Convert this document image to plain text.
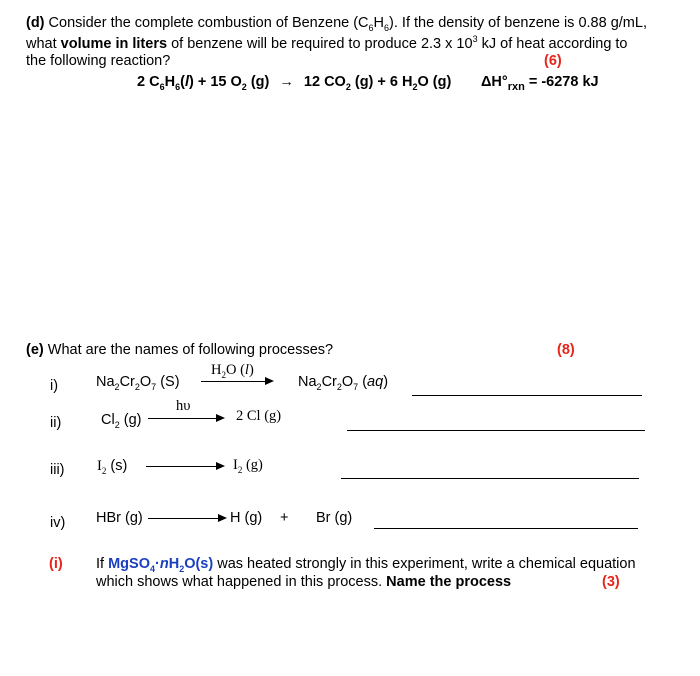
(d) Consider the complete combustion of Benzene $(C_6H_6)$. If the density of benzene is 0.88 g/mL,
what volume in liters of benzene will be required to produce 2.3 x $10^3$ kJ of heat according to
the following reaction?	(6)
2 $C_6H_6(l) + 15$ $O_2$ (g) → 12 $CO_2$ (g) + 6 $H_2O$ (g) $\Delta H^\circ_{rxn} = -6278$ kJ
(e) What are the names of following processes?	(8)
i)	$Na_2Cr_2O_7$ (S)
$H_2O$ (l)
$Na_2Cr_2O_7$ (aq)
ii)	$Cl_2$ (g)
hυ
2 Cl (g)
iii) $I_2$ (s)	$I_2$ (g)
iv) HBr (g)	H (g) + Br (g)
(i) If $MgSO_4\cdot nH_2O(s)$ was heated strongly in this experiment, write a chemical equation
which shows what happened in this process. Name the process	(3)
